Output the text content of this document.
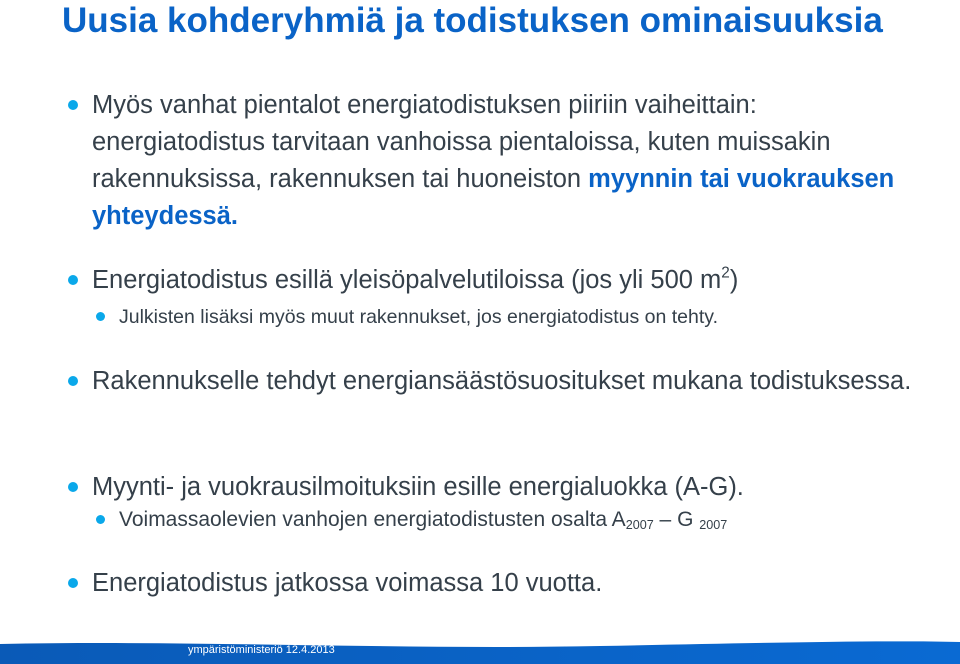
Uusia kohderyhmiä ja todistuksen ominaisuuksia
Myös vanhat pientalot energiatodistuksen piiriin vaiheittain: energiatodistus tarvitaan vanhoissa pientaloissa, kuten muissakin rakennuksissa, rakennuksen tai huoneiston myynnin tai vuokrauksen yhteydessä.
Energiatodistus esillä yleisöpalvelutiloissa (jos yli 500 $m^2$)
Julkisten lisäksi myös muut rakennukset, jos energiatodistus on tehty.
Rakennukselle tehdyt energiansäästösuositukset mukana todistuksessa.
Myynti- ja vuokrausilmoituksiin esille energialuokka (A-G).
Voimassaolevien vanhojen energiatodistusten osalta $A_{2007}$ – G $_{2007}$
Energiatodistus jatkossa voimassa 10 vuotta.
ympäristöministeriö 12.4.2013
